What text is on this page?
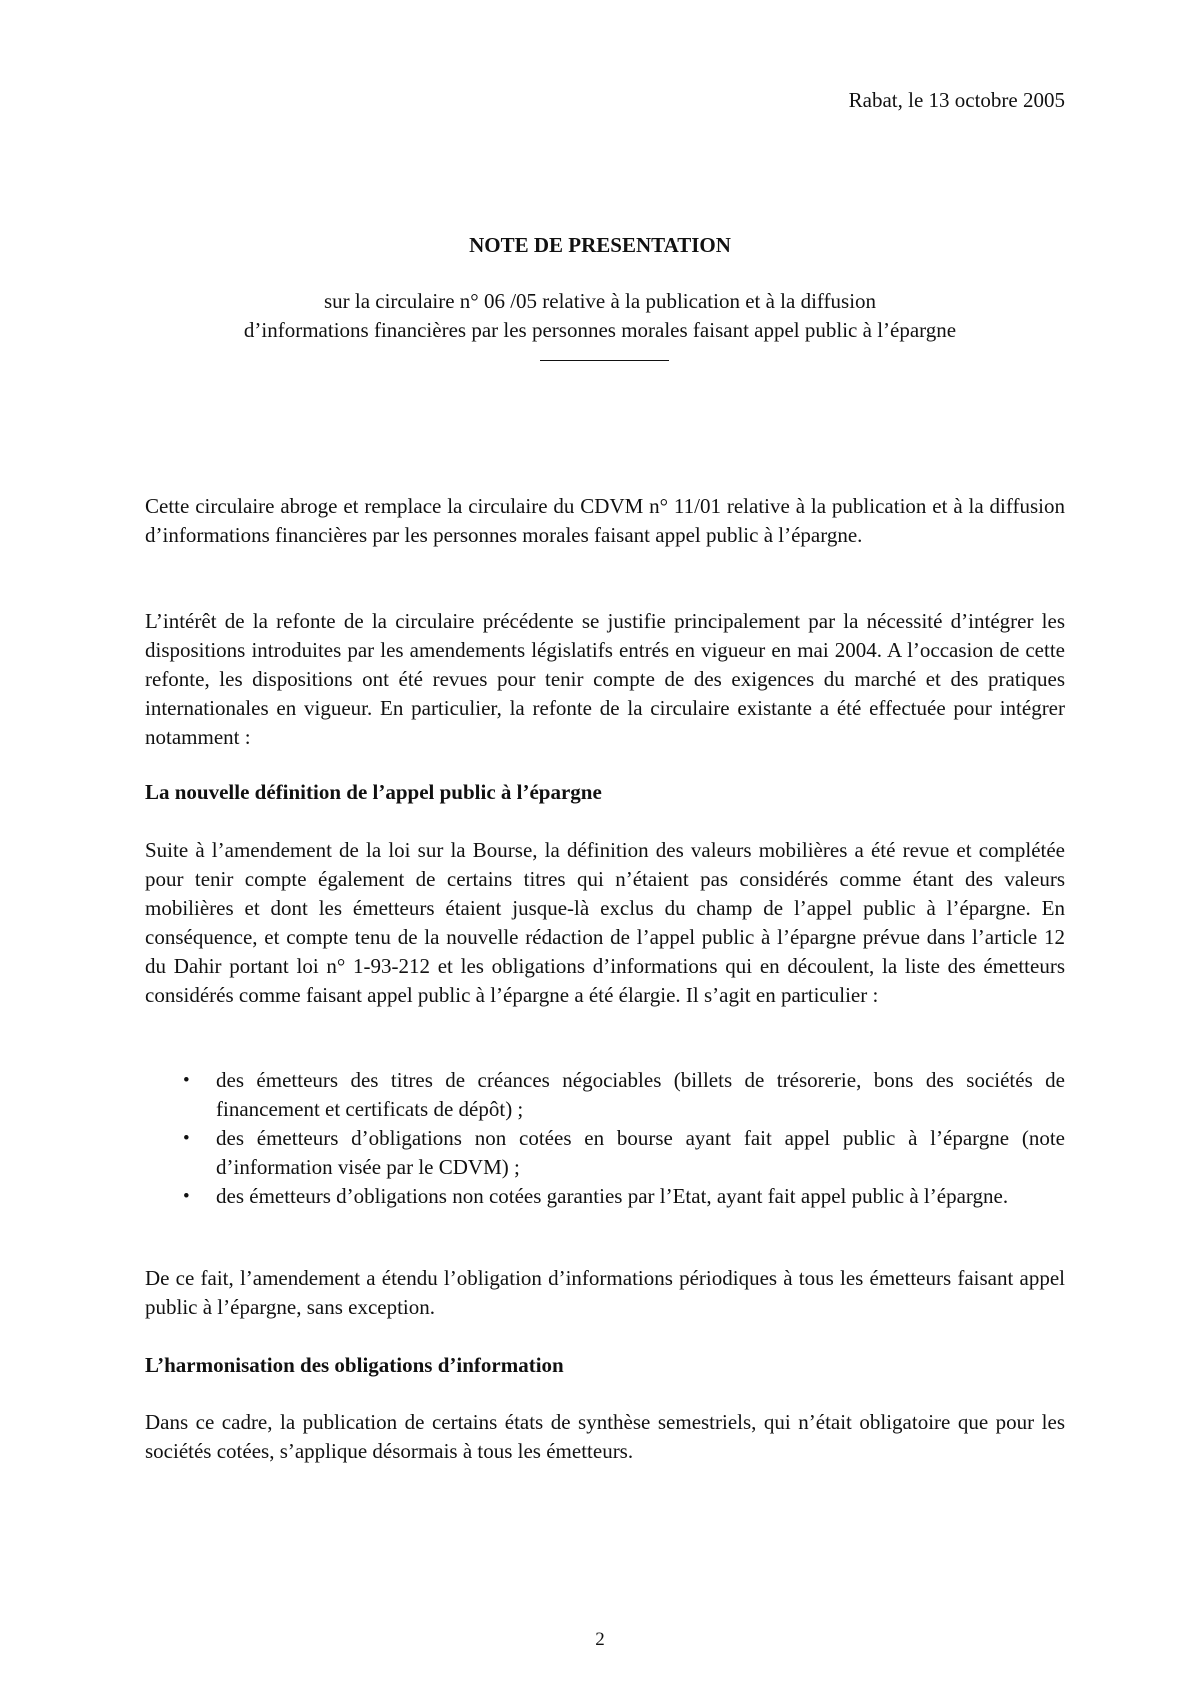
Rabat, le 13 octobre 2005
NOTE DE PRESENTATION
sur la circulaire n° 06 /05 relative à la publication et à la diffusion
d’informations financières par les personnes morales faisant appel public à l’épargne

Cette circulaire abroge et remplace la circulaire du CDVM n° 11/01 relative à la publication et à la diffusion d’informations financières par les personnes morales faisant appel public à l’épargne.

L’intérêt de la refonte de la circulaire précédente se justifie principalement par la nécessité d’intégrer les dispositions introduites par les amendements législatifs entrés en vigueur en mai 2004. A l’occasion de cette refonte, les dispositions ont été revues pour tenir compte de des exigences du marché et des pratiques internationales en vigueur. En particulier, la refonte de la circulaire existante a été effectuée pour intégrer notamment :

La nouvelle définition de l’appel public à l’épargne

Suite à l’amendement de la loi sur la Bourse, la définition des valeurs mobilières a été revue et complétée pour tenir compte également de certains titres qui n’étaient pas considérés comme étant des valeurs mobilières et dont les émetteurs étaient jusque-là exclus du champ de l’appel public à l’épargne. En conséquence, et compte tenu de la nouvelle rédaction de l’appel public à l’épargne prévue dans l’article 12 du Dahir portant loi n° 1-93-212 et les obligations d’informations qui en découlent, la liste des émetteurs considérés comme faisant appel public à l’épargne a été élargie. Il s’agit en particulier :

• des émetteurs des titres de créances négociables (billets de trésorerie, bons des sociétés de financement et certificats de dépôt) ;
• des émetteurs d’obligations non cotées en bourse ayant fait appel public à l’épargne (note d’information visée par le CDVM) ;
• des émetteurs d’obligations non cotées garanties par l’Etat, ayant fait appel public à l’épargne.

De ce fait, l’amendement a étendu l’obligation d’informations périodiques à tous les émetteurs faisant appel public à l’épargne, sans exception.

L’harmonisation des obligations d’information

Dans ce cadre, la publication de certains états de synthèse semestriels, qui n’était obligatoire que pour les sociétés cotées, s’applique désormais à tous les émetteurs.

2
